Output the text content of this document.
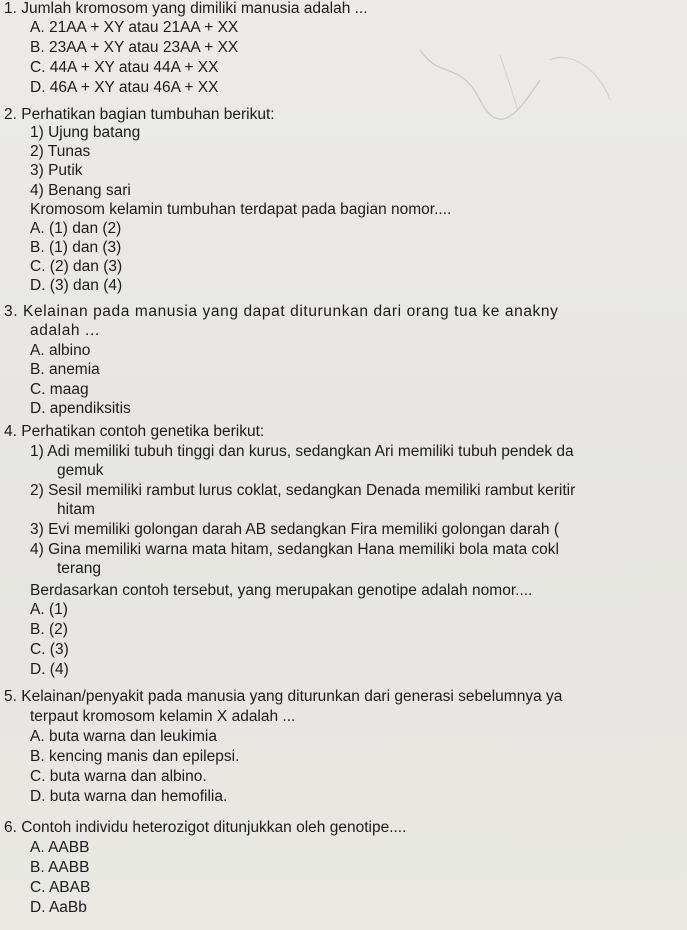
1. Jumlah kromosom yang dimiliki manusia adalah ...
A. 21AA + XY atau 21AA + XX
B. 23AA + XY atau 23AA + XX
C. 44A + XY atau 44A + XX
D. 46A + XY atau 46A + XX
2. Perhatikan bagian tumbuhan berikut:
1) Ujung batang
2) Tunas
3) Putik
4) Benang sari
Kromosom kelamin tumbuhan terdapat pada bagian nomor....
A. (1) dan (2)
B. (1) dan (3)
C. (2) dan (3)
D. (3) dan (4)
3. Kelainan pada manusia yang dapat diturunkan dari orang tua ke anakny
adalah ...
A. albino
B. anemia
C. maag
D. apendiksitis
4. Perhatikan contoh genetika berikut:
1) Adi memiliki tubuh tinggi dan kurus, sedangkan Ari memiliki tubuh pendek da
gemuk
2) Sesil memiliki rambut lurus coklat, sedangkan Denada memiliki rambut keritir
hitam
3) Evi memiliki golongan darah AB sedangkan Fira memiliki golongan darah (
4) Gina memiliki warna mata hitam, sedangkan Hana memiliki bola mata cokl
terang
Berdasarkan contoh tersebut, yang merupakan genotipe adalah nomor....
A. (1)
B. (2)
C. (3)
D. (4)
5. Kelainan/penyakit pada manusia yang diturunkan dari generasi sebelumnya ya
terpaut kromosom kelamin X adalah ...
A. buta warna dan leukimia
B. kencing manis dan epilepsi.
C. buta warna dan albino.
D. buta warna dan hemofilia.
6. Contoh individu heterozigot ditunjukkan oleh genotipe....
A. AABB
B. AABB
C. ABAB
D. AaBb
